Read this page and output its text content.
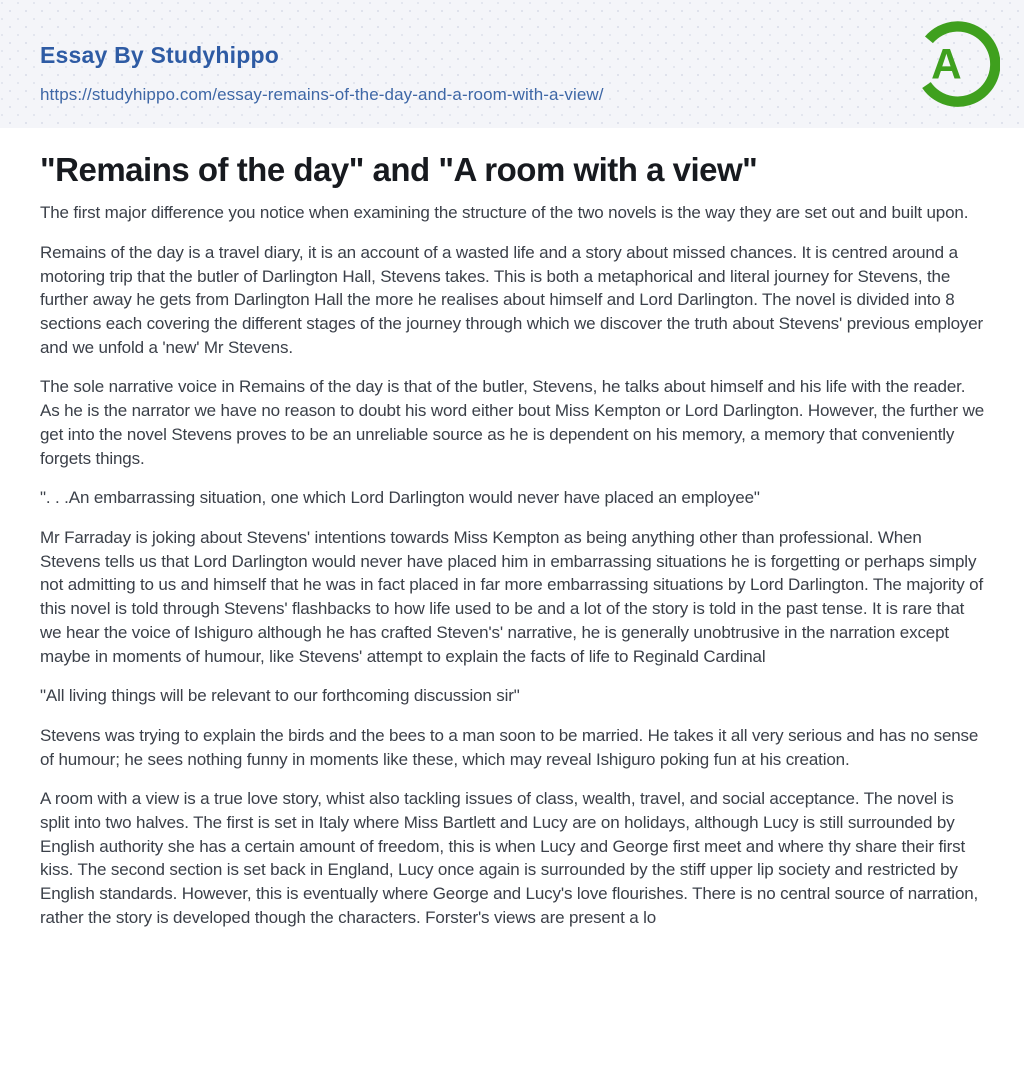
Essay By Studyhippo
https://studyhippo.com/essay-remains-of-the-day-and-a-room-with-a-view/
A
"Remains of the day" and "A room with a view"

The first major difference you notice when examining the structure of the two novels is the way they are set out and built upon.

Remains of the day is a travel diary, it is an account of a wasted life and a story about missed chances. It is centred around a motoring trip that the butler of Darlington Hall, Stevens takes. This is both a metaphorical and literal journey for Stevens, the further away he gets from Darlington Hall the more he realises about himself and Lord Darlington. The novel is divided into 8 sections each covering the different stages of the journey through which we discover the truth about Stevens' previous employer and we unfold a 'new' Mr Stevens.

The sole narrative voice in Remains of the day is that of the butler, Stevens, he talks about himself and his life with the reader. As he is the narrator we have no reason to doubt his word either bout Miss Kempton or Lord Darlington. However, the further we get into the novel Stevens proves to be an unreliable source as he is dependent on his memory, a memory that conveniently forgets things.

". . .An embarrassing situation, one which Lord Darlington would never have placed an employee"

Mr Farraday is joking about Stevens' intentions towards Miss Kempton as being anything other than professional. When Stevens tells us that Lord Darlington would never have placed him in embarrassing situations he is forgetting or perhaps simply not admitting to us and himself that he was in fact placed in far more embarrassing situations by Lord Darlington. The majority of this novel is told through Stevens' flashbacks to how life used to be and a lot of the story is told in the past tense. It is rare that we hear the voice of Ishiguro although he has crafted Steven's' narrative, he is generally unobtrusive in the narration except maybe in moments of humour, like Stevens' attempt to explain the facts of life to Reginald Cardinal

"All living things will be relevant to our forthcoming discussion sir"

Stevens was trying to explain the birds and the bees to a man soon to be married. He takes it all very serious and has no sense of humour; he sees nothing funny in moments like these, which may reveal Ishiguro poking fun at his creation.

A room with a view is a true love story, whist also tackling issues of class, wealth, travel, and social acceptance. The novel is split into two halves. The first is set in Italy where Miss Bartlett and Lucy are on holidays, although Lucy is still surrounded by English authority she has a certain amount of freedom, this is when Lucy and George first meet and where thy share their first kiss. The second section is set back in England, Lucy once again is surrounded by the stiff upper lip society and restricted by English standards. However, this is eventually where George and Lucy's love flourishes. There is no central source of narration, rather the story is developed though the characters. Forster's views are present a lo
